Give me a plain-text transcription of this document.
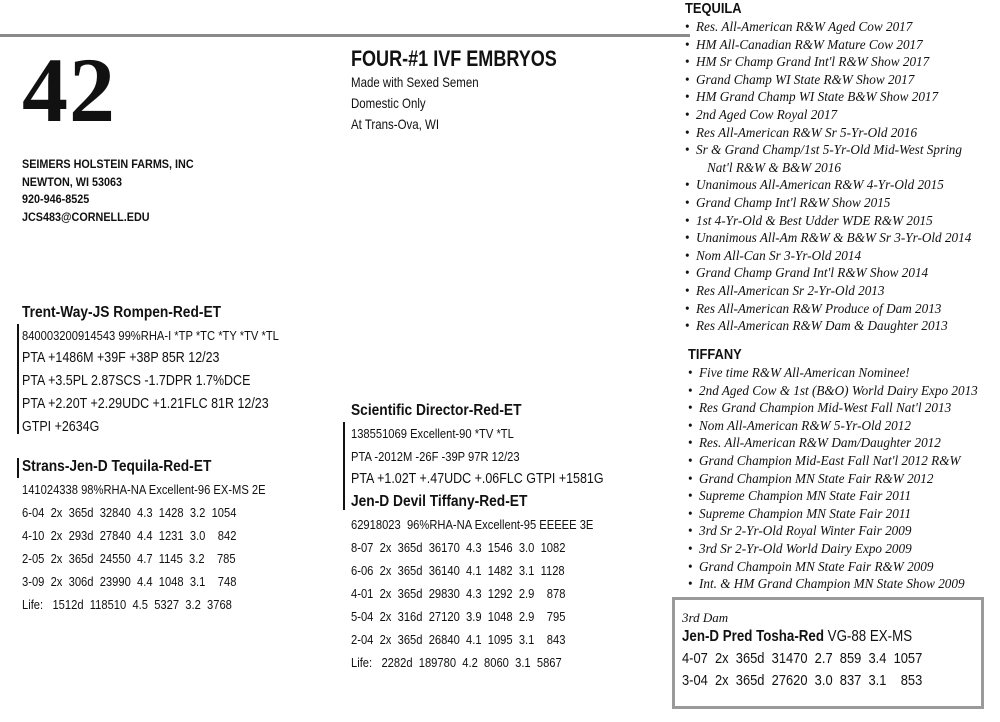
42
SEIMERS HOLSTEIN FARMS, INC
NEWTON, WI 53063
920-946-8525
JCS483@CORNELL.EDU
FOUR-#1 IVF EMBRYOS
Made with Sexed Semen
Domestic Only
At Trans-Ova, WI
Trent-Way-JS Rompen-Red-ET
840003200914543 99%RHA-I *TP *TC *TY *TV *TL
PTA +1486M +39F +38P 85R 12/23
PTA +3.5PL 2.87SCS -1.7DPR 1.7%DCE
PTA +2.20T +2.29UDC +1.21FLC 81R 12/23
GTPI +2634G
Strans-Jen-D Tequila-Red-ET
141024338 98%RHA-NA Excellent-96 EX-MS 2E
6-04  2x  365d  32840  4.3  1428  3.2  1054
4-10  2x  293d  27840  4.4  1231  3.0    842
2-05  2x  365d  24550  4.7  1145  3.2    785
3-09  2x  306d  23990  4.4  1048  3.1    748
Life:   1512d  118510  4.5  5327  3.2  3768
Scientific Director-Red-ET
138551069 Excellent-90 *TV *TL
PTA -2012M -26F -39P 97R 12/23
PTA +1.02T +.47UDC +.06FLC GTPI +1581G
Jen-D Devil Tiffany-Red-ET
62918023  96%RHA-NA Excellent-95 EEEEE 3E
8-07  2x  365d  36170  4.3  1546  3.0  1082
6-06  2x  365d  36140  4.1  1482  3.1  1128
4-01  2x  365d  29830  4.3  1292  2.9    878
5-04  2x  316d  27120  3.9  1048  2.9    795
2-04  2x  365d  26840  4.1  1095  3.1    843
Life:   2282d  189780  4.2  8060  3.1  5867
TEQUILA
• Res. All-American R&W Aged Cow 2017
• HM All-Canadian R&W Mature Cow 2017
• HM Sr Champ Grand Int'l R&W Show 2017
• Grand Champ WI State R&W Show 2017
• HM Grand Champ WI State B&W Show 2017
• 2nd Aged Cow Royal 2017
• Res All-American R&W Sr 5-Yr-Old 2016
• Sr & Grand Champ/1st 5-Yr-Old Mid-West Spring
Nat'l R&W & B&W 2016
• Unanimous All-American R&W 4-Yr-Old 2015
• Grand Champ Int'l R&W Show 2015
• 1st 4-Yr-Old & Best Udder WDE R&W 2015
• Unanimous All-Am R&W & B&W Sr 3-Yr-Old 2014
• Nom All-Can Sr 3-Yr-Old 2014
• Grand Champ Grand Int'l R&W Show 2014
• Res All-American Sr 2-Yr-Old 2013
• Res All-American R&W Produce of Dam 2013
• Res All-American R&W Dam & Daughter 2013
TIFFANY
• Five time R&W All-American Nominee!
• 2nd Aged Cow & 1st (B&O) World Dairy Expo 2013
• Res Grand Champion Mid-West Fall Nat'l 2013
• Nom All-American R&W 5-Yr-Old 2012
• Res. All-American R&W Dam/Daughter 2012
• Grand Champion Mid-East Fall Nat'l 2012 R&W
• Grand Champion MN State Fair R&W 2012
• Supreme Champion MN State Fair 2011
• Supreme Champion MN State Fair 2011
• 3rd Sr 2-Yr-Old Royal Winter Fair 2009
• 3rd Sr 2-Yr-Old World Dairy Expo 2009
• Grand Champoin MN State Fair R&W 2009
• Int. & HM Grand Champion MN State Show 2009
3rd Dam
Jen-D Pred Tosha-Red VG-88 EX-MS
4-07  2x  365d  31470  2.7  859  3.4  1057
3-04  2x  365d  27620  3.0  837  3.1    853
